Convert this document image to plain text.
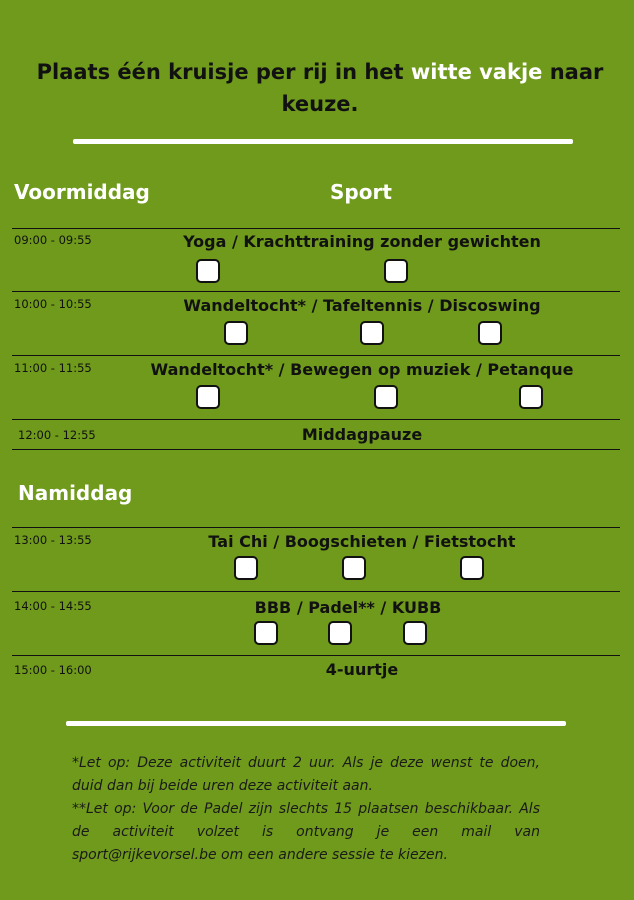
Plaats één kruisje per rij in het witte vakje naar keuze.
Voormiddag	Sport
09:00 - 09:55	Yoga / Krachttraining zonder gewichten
10:00 - 10:55	Wandeltocht* / Tafeltennis / Discoswing
11:00 - 11:55	Wandeltocht* / Bewegen op muziek / Petanque
12:00 - 12:55	Middagpauze
Namiddag
13:00 - 13:55	Tai Chi / Boogschieten / Fietstocht
14:00 - 14:55	BBB / Padel** / KUBB
15:00 - 16:00	4-uurtje

*Let op: Deze activiteit duurt 2 uur. Als je deze wenst te doen, duid dan bij beide uren deze activiteit aan.

**Let op: Voor de Padel zijn slechts 15 plaatsen beschikbaar. Als de activiteit volzet is ontvang je een mail van sport@rijkevorsel.be om een andere sessie te kiezen.
